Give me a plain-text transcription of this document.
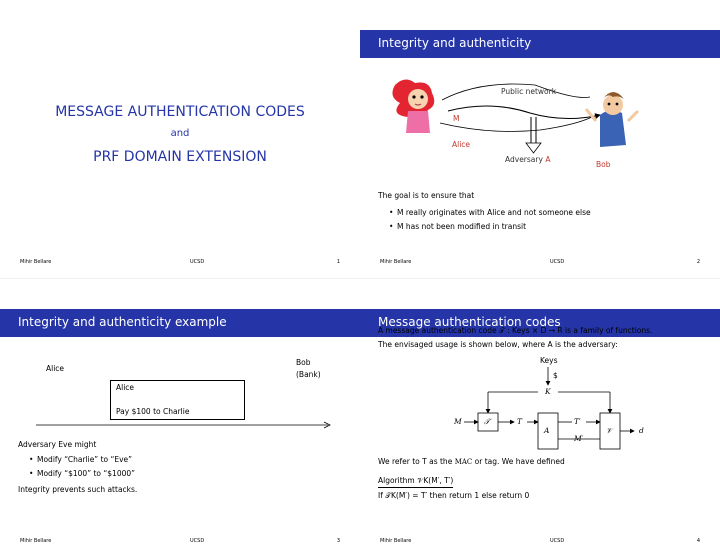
MESSAGE AUTHENTICATION CODES
and
PRF DOMAIN EXTENSION
Mihir Bellare	UCSD	1
Integrity and authenticity
Public network
M
Alice
Adversary A
Bob
The goal is to ensure that
• M really originates with Alice and not someone else
• M has not been modified in transit
Mihir Bellare	UCSD	2
Integrity and authenticity example
Alice
Bob
(Bank)
Alice
Pay $100 to Charlie
Adversary Eve might
• Modify “Charlie” to “Eve”
• Modify “$100” to “$1000”
Integrity prevents such attacks.
Mihir Bellare	UCSD	3
Message authentication codes
A message authentication code 𝒯 : Keys × D → R is a family of functions.
The envisaged usage is shown below, where A is the adversary:
Keys
$
K
M	𝒯	T	T′
A	𝒱	d
M′
We refer to T as the MAC or tag. We have defined
Algorithm 𝒱K(M′, T′)
If 𝒯K(M′) = T′ then return 1 else return 0
Mihir Bellare	UCSD	4
